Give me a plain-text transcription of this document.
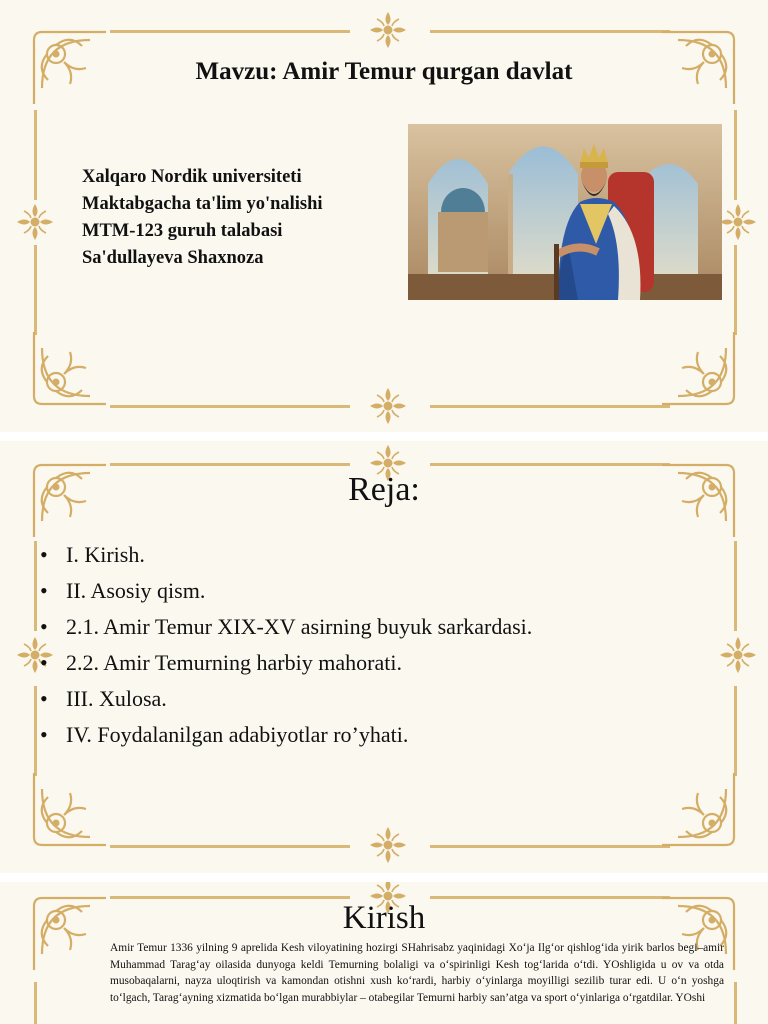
Mavzu: Amir Temur qurgan davlat
Xalqaro Nordik universiteti
Maktabgacha ta'lim yo'nalishi
MTM-123 guruh talabasi
Sa'dullayeva Shaxnoza
Reja:
• I. Kirish.
• II. Asosiy qism.
• 2.1. Amir Temur XIX-XV asirning buyuk sarkardasi.
• 2.2. Amir Temurning harbiy mahorati.
• III. Xulosa.
• IV. Foydalanilgan adabiyotlar ro’yhati.
Kirish
Amir Temur 1336 yilning 9 aprelida Kesh viloyatining hozirgi SHahrisabz yaqinidagi Xo‘ja Ilg‘or qishlog‘ida yirik barlos begi–amir Muhammad Tarag‘ay oilasida dunyoga keldi Temurning bolaligi va o‘spirinligi Kesh tog‘larida o‘tdi. YOshligida u ov va otda musobaqalarni, nayza uloqtirish va kamondan otishni xush ko‘rardi, harbiy o‘yinlarga moyilligi sezilib turar edi. U o‘n yoshga to‘lgach, Tarag‘ayning xizmatida bo‘lgan murabbiylar – otabegilar Temurni harbiy san’atga va sport o‘yinlariga o‘rgatdilar. YOshi
